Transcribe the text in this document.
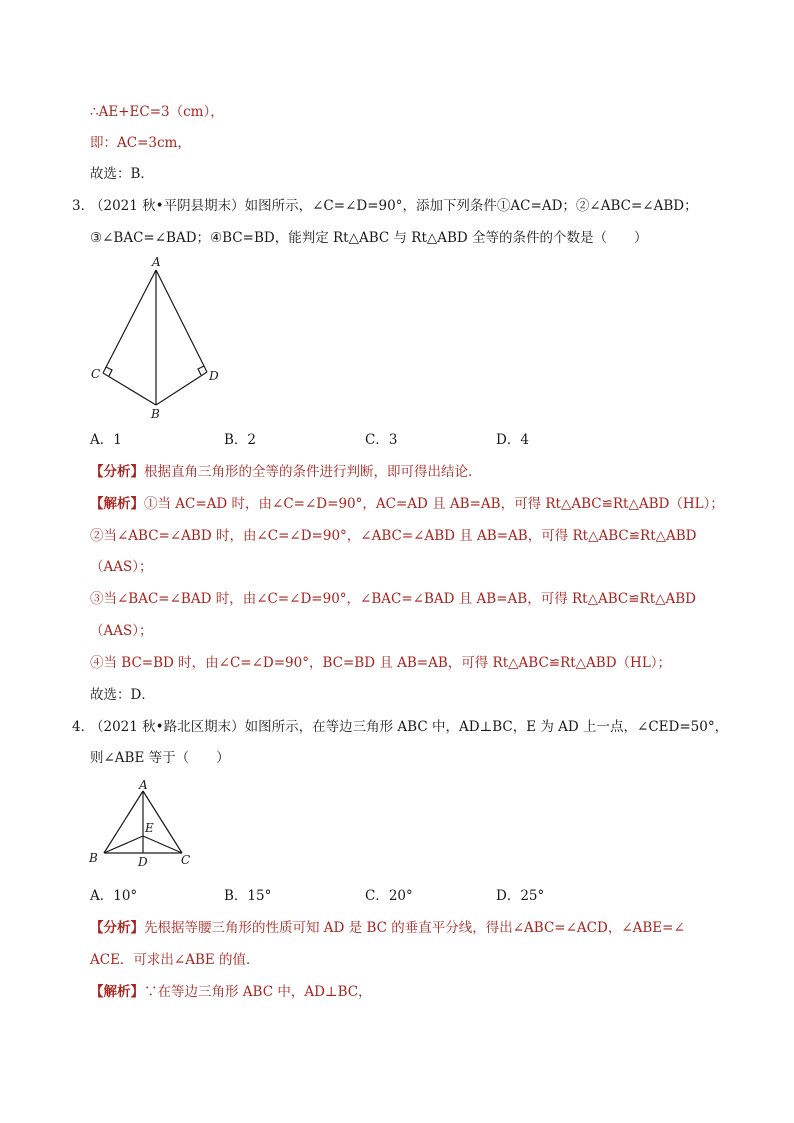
∴AE+EC=3（cm），
即：AC=3cm，
故选：B．
3．
（2021 秋•平阴县期末）如图所示，∠C=∠D=90°，添加下列条件①AC=AD；②∠ABC=∠ABD；
③∠BAC=∠BAD；④BC=BD，能判定 Rt△ABC 与 Rt△ABD 全等的条件的个数是（　　）
A
C	D
B
A．1	B．2	C．3	D．4
【分析】根据直角三角形的全等的条件进行判断，即可得出结论．
【解析】①当 AC=AD 时，由∠C=∠D=90°，AC=AD 且 AB=AB，可得 Rt△ABC≌Rt△ABD（HL）；
②当∠ABC=∠ABD 时，由∠C=∠D=90°，∠ABC=∠ABD 且 AB=AB，可得 Rt△ABC≌Rt△ABD
（AAS）；
③当∠BAC=∠BAD 时，由∠C=∠D=90°，∠BAC=∠BAD 且 AB=AB，可得 Rt△ABC≌Rt△ABD
（AAS）；
④当 BC=BD 时，由∠C=∠D=90°，BC=BD 且 AB=AB，可得 Rt△ABC≌Rt△ABD（HL）；
故选：D．
4．
（2021 秋•路北区期末）如图所示，在等边三角形 ABC 中，AD⊥BC，E 为 AD 上一点，∠CED=50°，
则∠ABE 等于（　　）
A
E
B	D	C
A．10°	B．15°	C．20°	D．25°
【分析】先根据等腰三角形的性质可知 AD 是 BC 的垂直平分线，得出∠ABC=∠ACD，∠ABE=∠
ACE．可求出∠ABE 的值．
【解析】∵在等边三角形 ABC 中，AD⊥BC，
